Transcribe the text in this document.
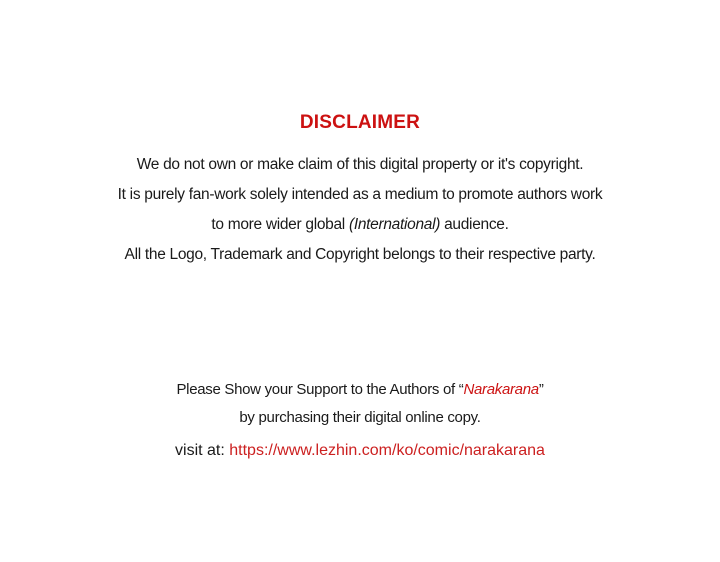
DISCLAIMER

We do not own or make claim of this digital property or it's copyright.

It is purely fan-work solely intended as a medium to promote authors work

to more wider global (International) audience.

All the Logo, Trademark and Copyright belongs to their respective party.

Please Show your Support to the Authors of “Narakarana”

by purchasing their digital online copy.

visit at: https://www.lezhin.com/ko/comic/narakarana
